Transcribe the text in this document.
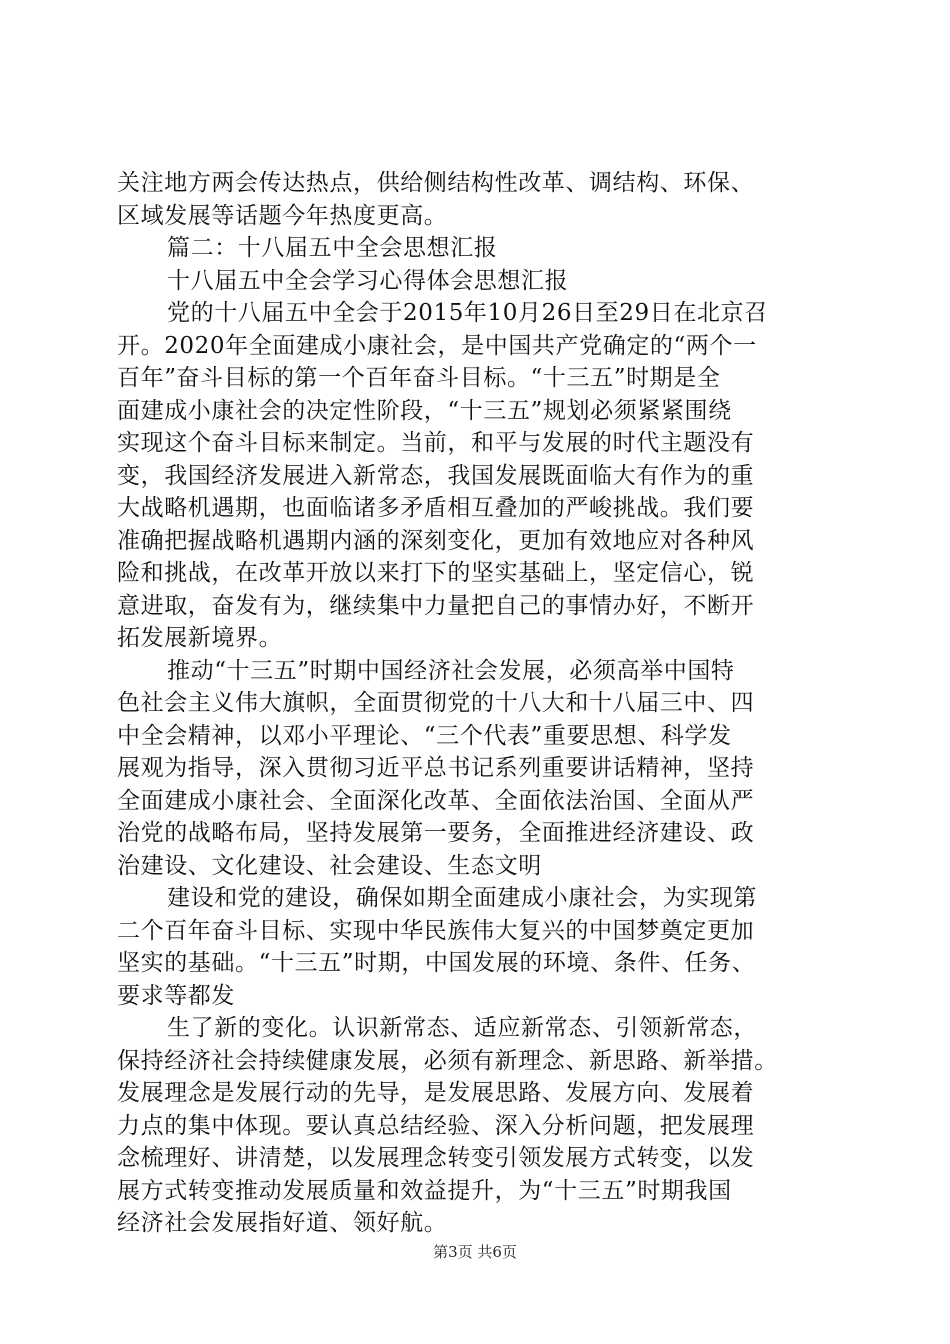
关注地方两会传达热点，供给侧结构性改革、调结构、环保、
区域发展等话题今年热度更高。
篇二：十八届五中全会思想汇报
十八届五中全会学习心得体会思想汇报
党的十八届五中全会于2015年10月26日至29日在北京召
开。2020年全面建成小康社会，是中国共产党确定的“两个一
百年”奋斗目标的第一个百年奋斗目标。“十三五”时期是全
面建成小康社会的决定性阶段，“十三五”规划必须紧紧围绕
实现这个奋斗目标来制定。当前，和平与发展的时代主题没有
变，我国经济发展进入新常态，我国发展既面临大有作为的重
大战略机遇期，也面临诸多矛盾相互叠加的严峻挑战。我们要
准确把握战略机遇期内涵的深刻变化，更加有效地应对各种风
险和挑战，在改革开放以来打下的坚实基础上，坚定信心，锐
意进取，奋发有为，继续集中力量把自己的事情办好，不断开
拓发展新境界。
推动“十三五”时期中国经济社会发展，必须高举中国特
色社会主义伟大旗帜，全面贯彻党的十八大和十八届三中、四
中全会精神，以邓小平理论、“三个代表”重要思想、科学发
展观为指导，深入贯彻习近平总书记系列重要讲话精神，坚持
全面建成小康社会、全面深化改革、全面依法治国、全面从严
治党的战略布局，坚持发展第一要务，全面推进经济建设、政
治建设、文化建设、社会建设、生态文明
建设和党的建设，确保如期全面建成小康社会，为实现第
二个百年奋斗目标、实现中华民族伟大复兴的中国梦奠定更加
坚实的基础。“十三五”时期，中国发展的环境、条件、任务、
要求等都发
生了新的变化。认识新常态、适应新常态、引领新常态，
保持经济社会持续健康发展，必须有新理念、新思路、新举措。
发展理念是发展行动的先导，是发展思路、发展方向、发展着
力点的集中体现。要认真总结经验、深入分析问题，把发展理
念梳理好、讲清楚，以发展理念转变引领发展方式转变，以发
展方式转变推动发展质量和效益提升，为“十三五”时期我国
经济社会发展指好道、领好航。
第3页 共6页
